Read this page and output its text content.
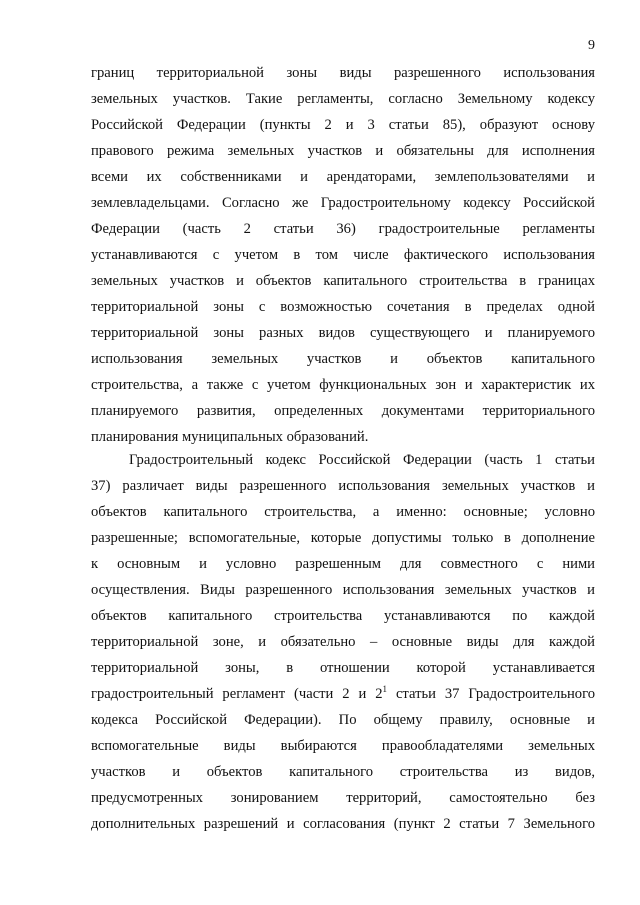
9
границ территориальной зоны виды разрешенного использования
земельных участков. Такие регламенты, согласно Земельному кодексу
Российской Федерации (пункты 2 и 3 статьи 85), образуют основу
правового режима земельных участков и обязательны для исполнения
всеми их собственниками и арендаторами, землепользователями и
землевладельцами. Согласно же Градостроительному кодексу Российской
Федерации (часть 2 статьи 36) градостроительные регламенты
устанавливаются с учетом в том числе фактического использования
земельных участков и объектов капитального строительства в границах
территориальной зоны с возможностью сочетания в пределах одной
территориальной зоны разных видов существующего и планируемого
использования земельных участков и объектов капитального
строительства, а также с учетом функциональных зон и характеристик их
планируемого развития, определенных документами территориального
планирования муниципальных образований.
Градостроительный кодекс Российской Федерации (часть 1 статьи
37) различает виды разрешенного использования земельных участков и
объектов капитального строительства, а именно: основные; условно
разрешенные; вспомогательные, которые допустимы только в дополнение
к основным и условно разрешенным для совместного с ними
осуществления. Виды разрешенного использования земельных участков и
объектов капитального строительства устанавливаются по каждой
территориальной зоне, и обязательно – основные виды для каждой
территориальной зоны, в отношении которой устанавливается
градостроительный регламент (части 2 и $2^1$ статьи 37 Градостроительного
кодекса Российской Федерации). По общему правилу, основные и
вспомогательные виды выбираются правообладателями земельных
участков и объектов капитального строительства из видов,
предусмотренных зонированием территорий, самостоятельно без
дополнительных разрешений и согласования (пункт 2 статьи 7 Земельного
